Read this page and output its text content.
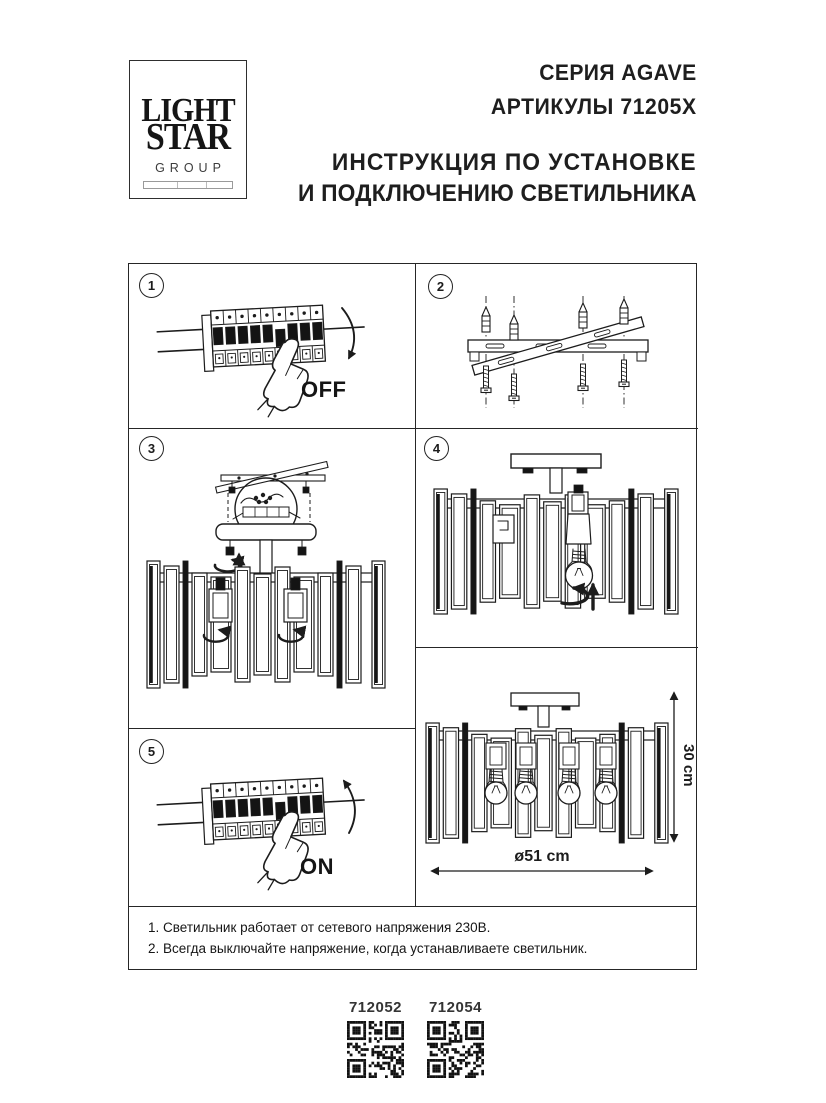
LIGHT
STAR
GROUP
СЕРИЯ AGAVE
АРТИКУЛЫ 71205X
ИНСТРУКЦИЯ ПО УСТАНОВКЕ
И ПОДКЛЮЧЕНИЮ СВЕТИЛЬНИКА
1
OFF
2
3	4
5
ON
30 cm
ø51 cm
1. Светильник работает от сетевого напряжения 230В.
2. Всегда выключайте напряжение, когда устанавливаете светильник.
712052 712054
